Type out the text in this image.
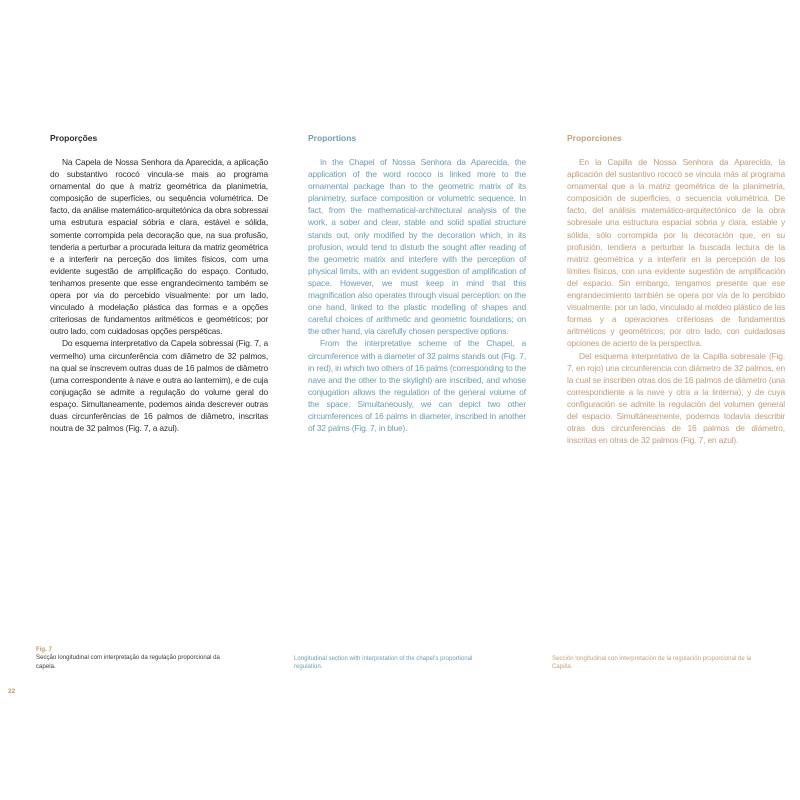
Proporções

Na Capela de Nossa Senhora da Aparecida, a aplicação do substantivo rococó vincula-se mais ao programa ornamental do que à matriz geométrica da planimetria, composição de superfícies, ou sequência volumétrica. De facto, da análise matemático-arquitetónica da obra sobressai uma estrutura espacial sóbria e clara, estável e sólida, somente corrompida pela decoração que, na sua profusão, tenderia a perturbar a procurada leitura da matriz geométrica e a interferir na perceção dos limites físicos, com uma evidente sugestão de amplificação do espaço. Contudo, tenhamos presente que esse engrandecimento também se opera por via do percebido visualmente: por um lado, vinculado à modelação plástica das formas e a opções criteriosas de fundamentos aritméticos e geométricos; por outro lado, com cuidadosas opções perspéticas.

Do esquema interpretativo da Capela sobressai (Fig. 7, a vermelho) uma circunferência com diâmetro de 32 palmos, na qual se inscrevem outras duas de 16 palmos de diâmetro (uma correspondente à nave e outra ao lanternim), e de cuja conjugação se admite a regulação do volume geral do espaço. Simultaneamente, podemos ainda descrever outras duas circunferências de 16 palmos de diâmetro, inscritas noutra de 32 palmos (Fig. 7, a azul).

Proportions

In the Chapel of Nossa Senhora da Aparecida, the application of the word rococo is linked more to the ornamental package than to the geometric matrix of its planimetry, surface composition or volumetric sequence. In fact, from the mathematical-architectural analysis of the work, a sober and clear, stable and solid spatial structure stands out, only modified by the decoration which, in its profusion, would tend to disturb the sought after reading of the geometric matrix and interfere with the perception of physical limits, with an evident suggestion of amplification of space. However, we must keep in mind that this magnification also operates through visual perception: on the one hand, linked to the plastic modelling of shapes and careful choices of arithmetic and geometric foundations; on the other hand, via carefully chosen perspective options.

From the interpretative scheme of the Chapel, a circumference with a diameter of 32 palms stands out (Fig. 7, in red), in which two others of 16 palms (corresponding to the nave and the other to the skylight) are inscribed, and whose conjugation allows the regulation of the general volume of the space. Simultaneously, we can depict two other circumferences of 16 palms in diameter, inscribed in another of 32 palms (Fig. 7, in blue).

Proporciones

En la Capilla de Nossa Senhora da Aparecida, la aplicación del sustantivo rococó se vincula más al programa ornamental que a la matriz geométrica de la planimetría, composición de superficies, o secuencia volumétrica. De facto, del análisis matemático-arquitectónico de la obra sobresale una estructura espacial sobria y clara, estable y sólida, sólo corrompida por la decoración que, en su profusión, tendiera a perturbar la buscada lectura de la matriz geométrica y a interferir en la percepción de los límites físicos, con una evidente sugestión de amplificación del espacio. Sin embargo, tengamos presente que ese engrandecimiento también se opera por vía de lo percibido visualmente: por un lado, vinculado al moldeo plástico de las formas y a operaciones criteriosas de fundamentos aritméticos y geométricos; por otro lado, con cuidadosas opciones de acierto de la perspectiva.

Del esquema interpretativo de la Capilla sobresale (Fig. 7, en rojo) una circunferencia con diámetro de 32 palmos, en la cual se inscriben otras dos de 16 palmos de diámetro (una correspondiente a la nave y otra a la linterna), y de cuya configuración se admite la regulación del volumen general del espacio. Simultáneamente, podemos todavía describir otras dos circunferencias de 16 palmos de diámetro, inscritas en otras de 32 palmos (Fig. 7, en azul).

Fig. 7
Secção longitudinal com interpretação da regulação proporcional da capela.
Longitudinal section with interpretation of the chapel's proportional regulation.
Sección longitudinal con interpretación de la regulación proporcional de la Capilla.
22
